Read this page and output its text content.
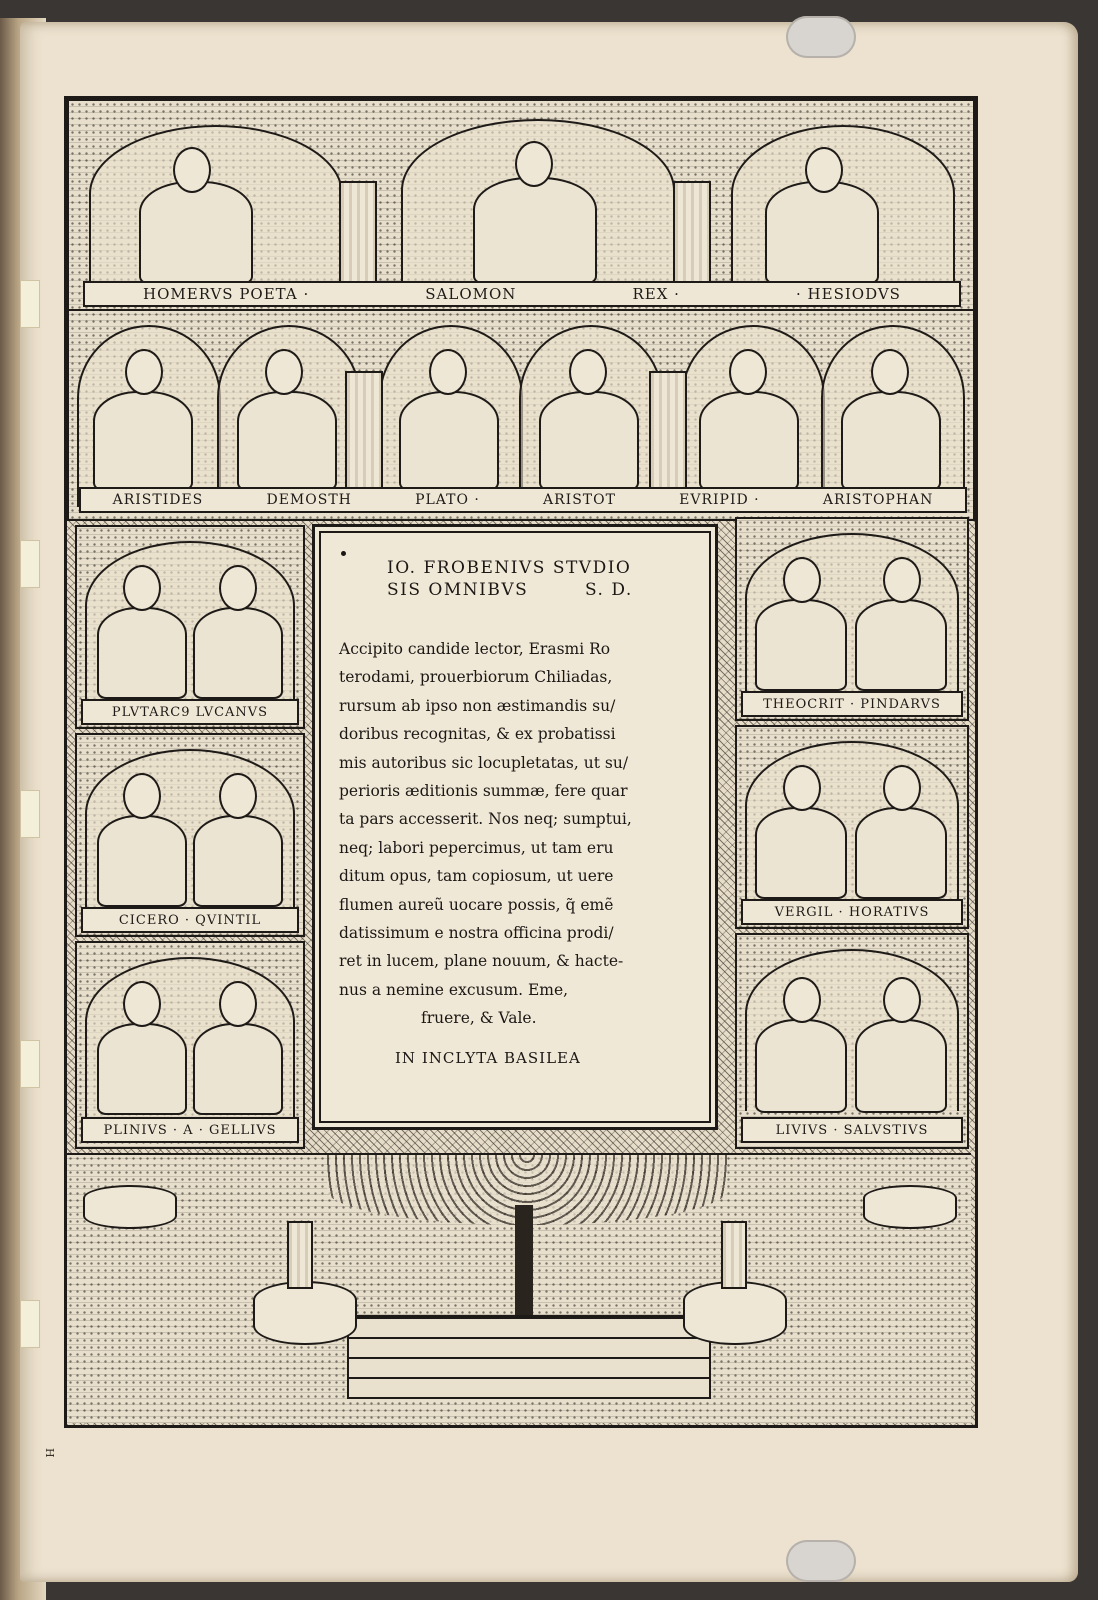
H
HOMERVS POETA ·	SALOMON	REX ·	· HESIODVS
ARISTIDES	DEMOSTH	PLATO ·	ARISTOT	EVRIPID ·	ARISTOPHAN
PLVTARC9 LVCANVS
CICERO · QVINTIL
PLINIVS · A · GELLIVS
THEOCRIT · PINDARVS
VERGIL · HORATIVS
LIVIVS · SALVSTIVS
IO. FROBENIVS STVDIO
SIS OMNIBVS	S. D.
Accipito candide lector, Erasmi Ro
terodami, prouerbiorum Chiliadas,
rursum ab ipso non æstimandis su/
doribus recognitas, & ex probatissi
mis autoribus sic locupletatas, ut su/
perioris æditionis summæ, fere quar
ta pars accesserit. Nos neq; sumptui,
neq; labori pepercimus, ut tam eru
ditum opus, tam copiosum, ut uere
flumen aureũ uocare possis, q̃ emẽ
datissimum e nostra officina prodi/
ret in lucem, plane nouum, & hacte-
nus a nemine excusum. Eme,
fruere, & Vale.
IN INCLYTA BASILEA
